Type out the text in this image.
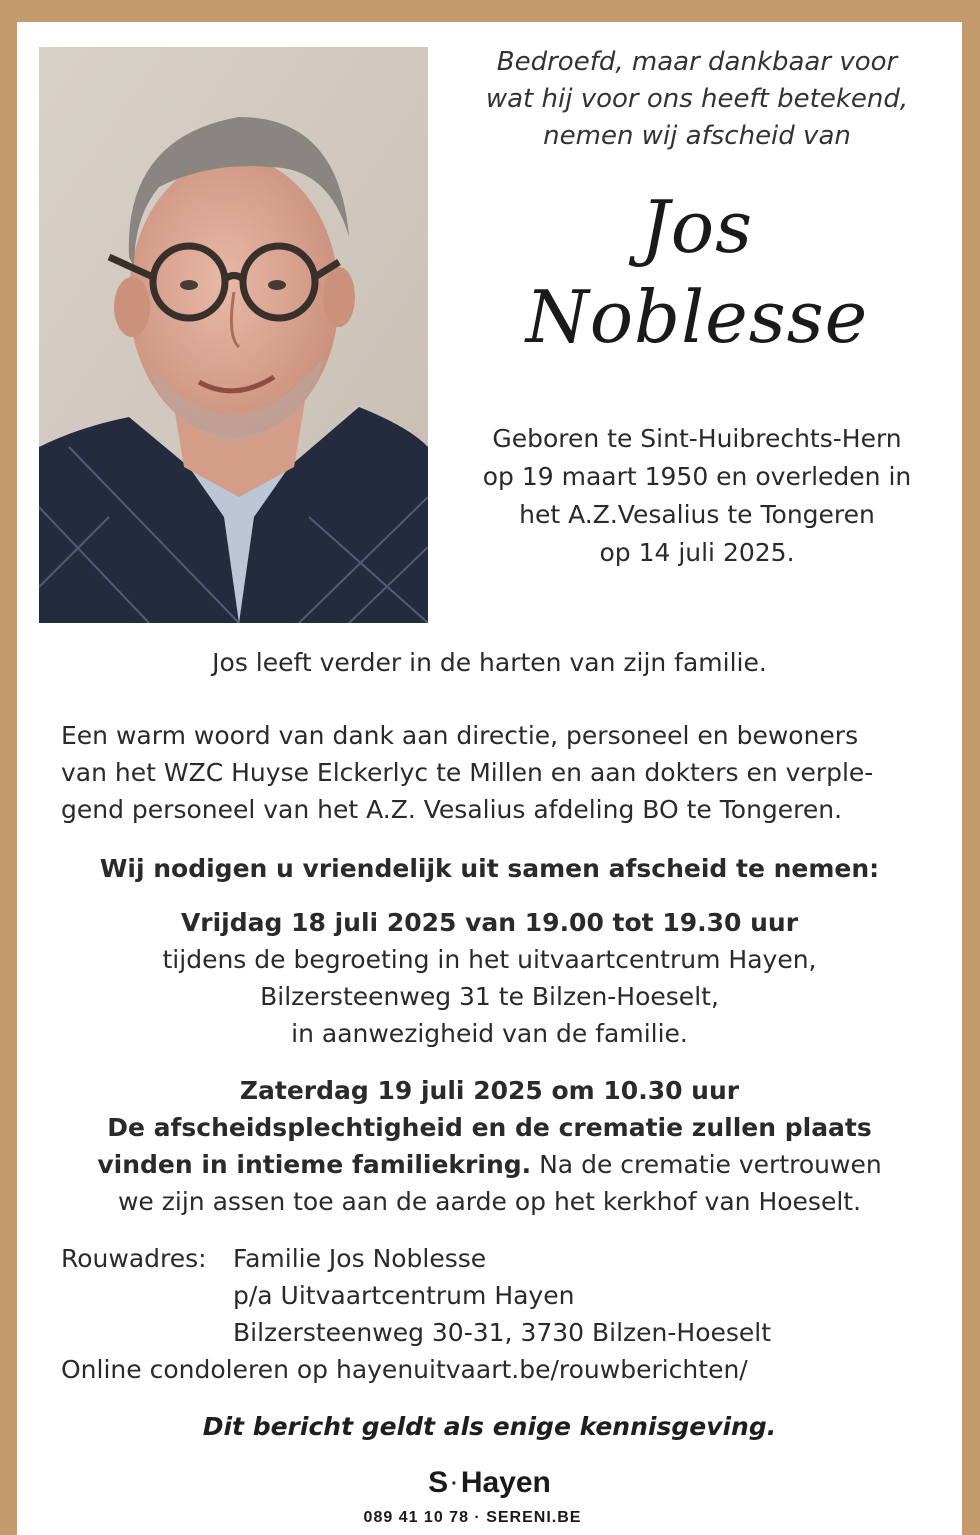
Bedroefd, maar dankbaar voor
wat hij voor ons heeft betekend,
nemen wij afscheid van
Jos
Noblesse
Geboren te Sint-Huibrechts-Hern
op 19 maart 1950 en overleden in
het A.Z.Vesalius te Tongeren
op 14 juli 2025.
Jos leeft verder in de harten van zijn familie.
Een warm woord van dank aan directie, personeel en bewoners
van het WZC Huyse Elckerlyc te Millen en aan dokters en verple-
gend personeel van het A.Z. Vesalius afdeling BO te Tongeren.
Wij nodigen u vriendelijk uit samen afscheid te nemen:
Vrijdag 18 juli 2025 van 19.00 tot 19.30 uur
tijdens de begroeting in het uitvaartcentrum Hayen,
Bilzersteenweg 31 te Bilzen-Hoeselt,
in aanwezigheid van de familie.
Zaterdag 19 juli 2025 om 10.30 uur
De afscheidsplechtigheid en de crematie zullen plaats
vinden in intieme familiekring. Na de crematie vertrouwen
we zijn assen toe aan de aarde op het kerkhof van Hoeselt.
Rouwadres:	Familie Jos Noblesse
p/a Uitvaartcentrum Hayen
Bilzersteenweg 30-31, 3730 Bilzen-Hoeselt
Online condoleren op hayenuitvaart.be/rouwberichten/
Dit bericht geldt als enige kennisgeving.
S · Hayen
089 41 10 78 · SERENI.BE
